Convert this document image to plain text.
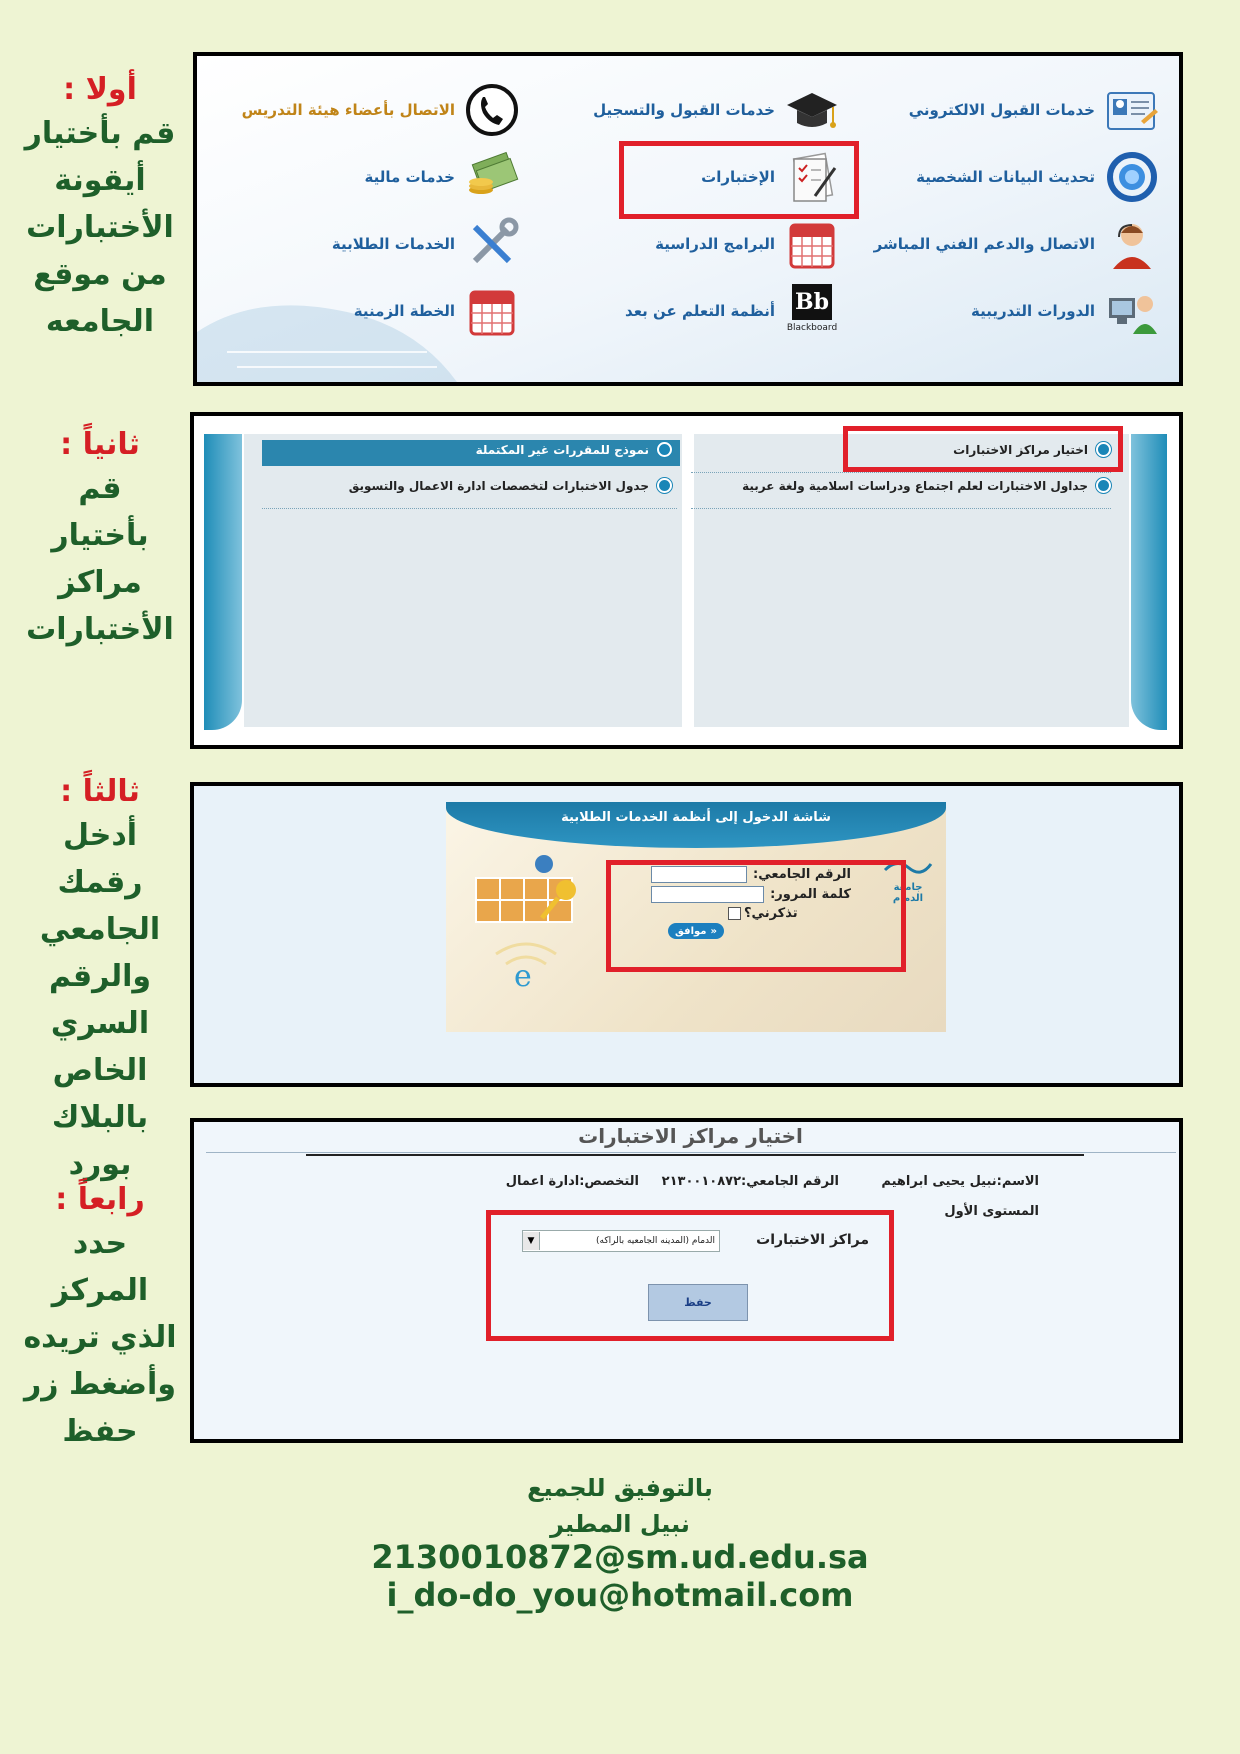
أولا :
قم بأختيار أيقونة الأختبارات من موقع الجامعه
ثانياً :
قم بأختيار مراكز الأختبارات
ثالثاً :
أدخل رقمك الجامعي والرقم السري الخاص بالبلاك بورد
رابعاً :
حدد المركز الذي تريده وأضغط زر حفظ
خدمات القبول الالكتروني
تحديث البيانات الشخصية
الاتصال والدعم الفني المباشر
الدورات التدريبية
خدمات القبول والتسجيل
الإختبارات
البرامج الدراسية
أنظمة التعلم عن بعد Bb
Blackboard
الاتصال بأعضاء هيئة التدريس
خدمات مالية
الخدمات الطلابية
الخطة الزمنية
اختيار مراكز الاختبارات
جداول الاختبارات لعلم اجتماع ودراسات اسلامية ولغة عربية
نموذج للمقررات غير المكتملة
جدول الاختبارات لتخصصات ادارة الاعمال والتسويق
شاشة الدخول إلى أنظمة الخدمات الطلابية
جامعة الدمام
e
الرقم الجامعي:
كلمة المرور:
تذكرني؟
موافق »
اختيار مراكز الاختبارات
الاسم:نبيل يحيى ابراهيم
الرقم الجامعي:٢١٣٠٠١٠٨٧٢
التخصص:ادارة اعمال
المستوى الأول
مراكز الاختبارات
▼	الدمام (المدينه الجامعيه بالراكه)
حفظ
بالتوفيق للجميع
نبيل المطير
2130010872@sm.ud.edu.sa
i_do-do_you@hotmail.com
